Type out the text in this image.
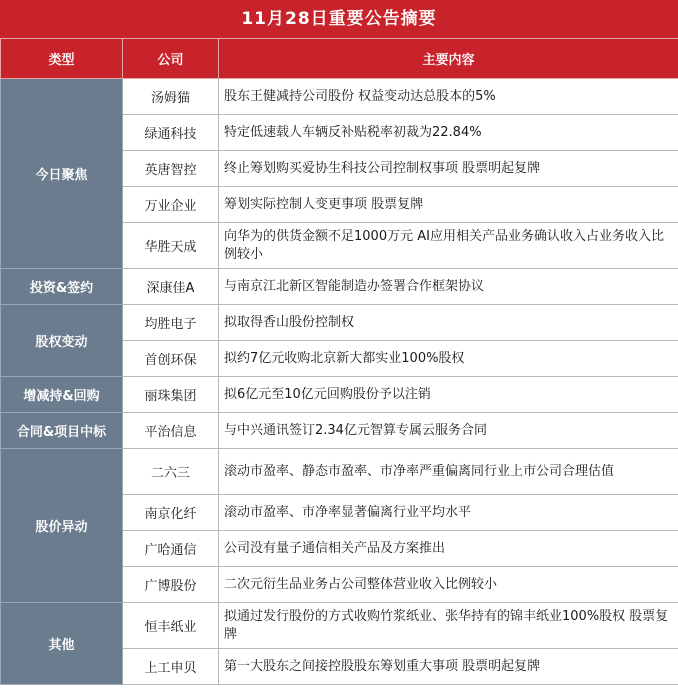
11月28日重要公告摘要
类型	公司	主要内容
今日聚焦	汤姆猫	股东王健减持公司股份 权益变动达总股本的5%
	绿通科技	特定低速载人车辆反补贴税率初裁为22.84%
	英唐智控	终止筹划购买爱协生科技公司控制权事项 股票明起复牌
	万业企业	筹划实际控制人变更事项 股票复牌
	华胜天成	向华为的供货金额不足1000万元 AI应用相关产品业务确认收入占业务收入比例较小
投资&签约	深康佳A	与南京江北新区智能制造办签署合作框架协议
股权变动	均胜电子	拟取得香山股份控制权
	首创环保	拟约7亿元收购北京新大都实业100%股权
增减持&回购	丽珠集团	拟6亿元至10亿元回购股份予以注销
合同&项目中标	平治信息	与中兴通讯签订2.34亿元智算专属云服务合同
股价异动	二六三	滚动市盈率、静态市盈率、市净率严重偏离同行业上市公司合理估值
	南京化纤	滚动市盈率、市净率显著偏离行业平均水平
	广哈通信	公司没有量子通信相关产品及方案推出
	广博股份	二次元衍生品业务占公司整体营业收入比例较小
其他	恒丰纸业	拟通过发行股份的方式收购竹浆纸业、张华持有的锦丰纸业100%股权 股票复牌
	上工申贝	第一大股东之间接控股股东筹划重大事项 股票明起复牌
